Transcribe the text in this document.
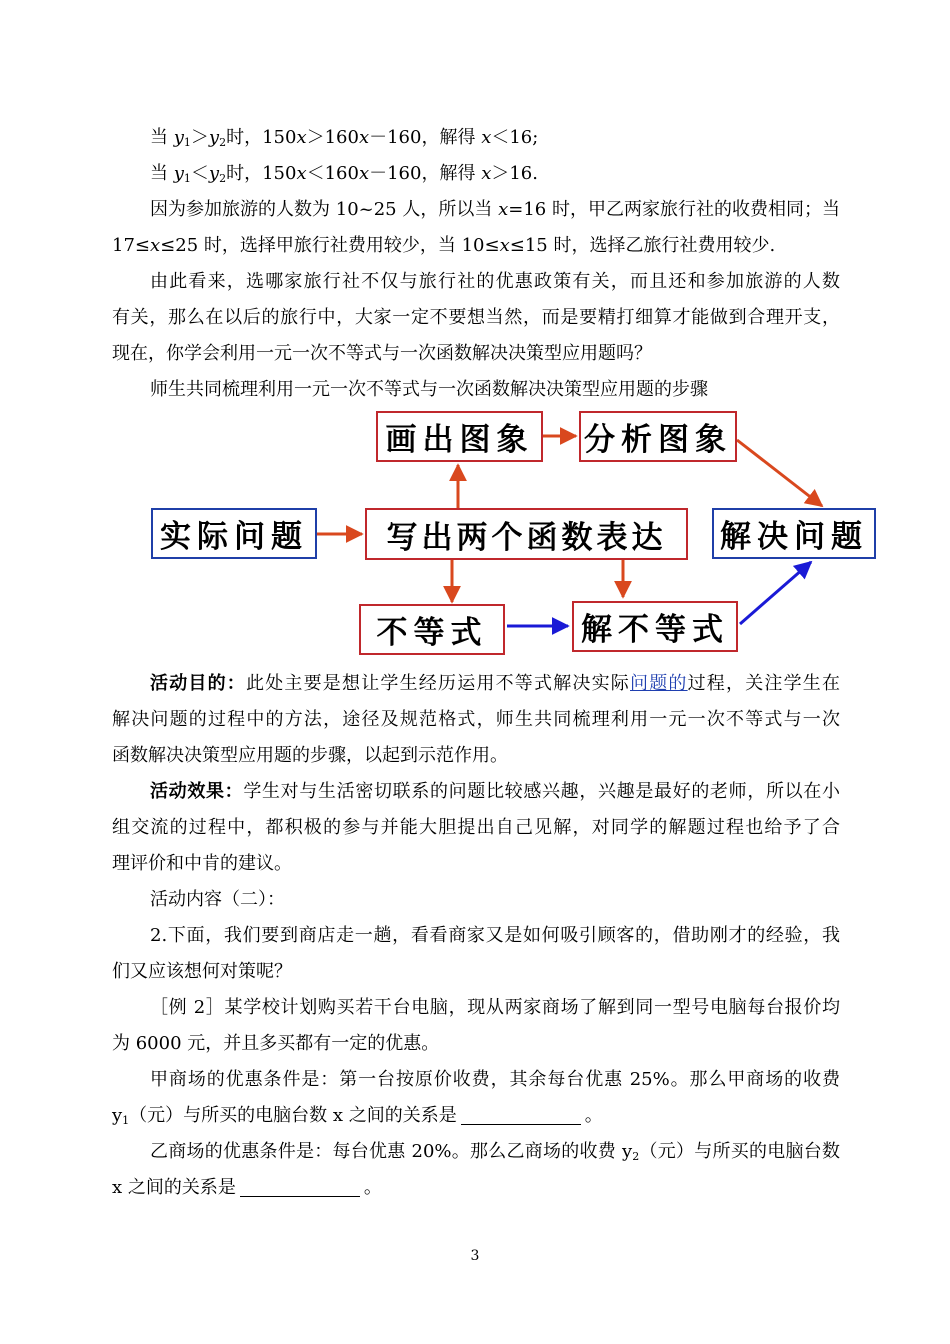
当 $y_1>y_2$时，150x＞160x－160，解得 x＜16;
当 $y_1<y_2$时，150x＜160x－160，解得 x＞16.
因为参加旅游的人数为 10~25 人，所以当 x=16 时，甲乙两家旅行社的收费相同；当
17≤x≤25 时，选择甲旅行社费用较少，当 10≤x≤15 时，选择乙旅行社费用较少.
由此看来，选哪家旅行社不仅与旅行社的优惠政策有关，而且还和参加旅游的人数
有关，那么在以后的旅行中，大家一定不要想当然，而是要精打细算才能做到合理开支，
现在，你学会利用一元一次不等式与一次函数解决决策型应用题吗？
师生共同梳理利用一元一次不等式与一次函数解决决策型应用题的步骤
画出图象	分析图象
实际问题	写出两个函数表达	解决问题
不等式	解不等式
活动目的：此处主要是想让学生经历运用不等式解决实际问题的过程，关注学生在
解决问题的过程中的方法，途径及规范格式，师生共同梳理利用一元一次不等式与一次
函数解决决策型应用题的步骤，以起到示范作用。
活动效果：学生对与生活密切联系的问题比较感兴趣，兴趣是最好的老师，所以在小
组交流的过程中，都积极的参与并能大胆提出自己见解，对同学的解题过程也给予了合
理评价和中肯的建议。
活动内容（二）：
2.下面，我们要到商店走一趟，看看商家又是如何吸引顾客的，借助刚才的经验，我
们又应该想何对策呢？
［例 2］某学校计划购买若干台电脑，现从两家商场了解到同一型号电脑每台报价均
为 6000 元，并且多买都有一定的优惠。
甲商场的优惠条件是：第一台按原价收费，其余每台优惠 25%。那么甲商场的收费
$y_1$（元）与所买的电脑台数 x 之间的关系是	。
乙商场的优惠条件是：每台优惠 20%。那么乙商场的收费 $y_2$（元）与所买的电脑台数
x 之间的关系是	。
3
